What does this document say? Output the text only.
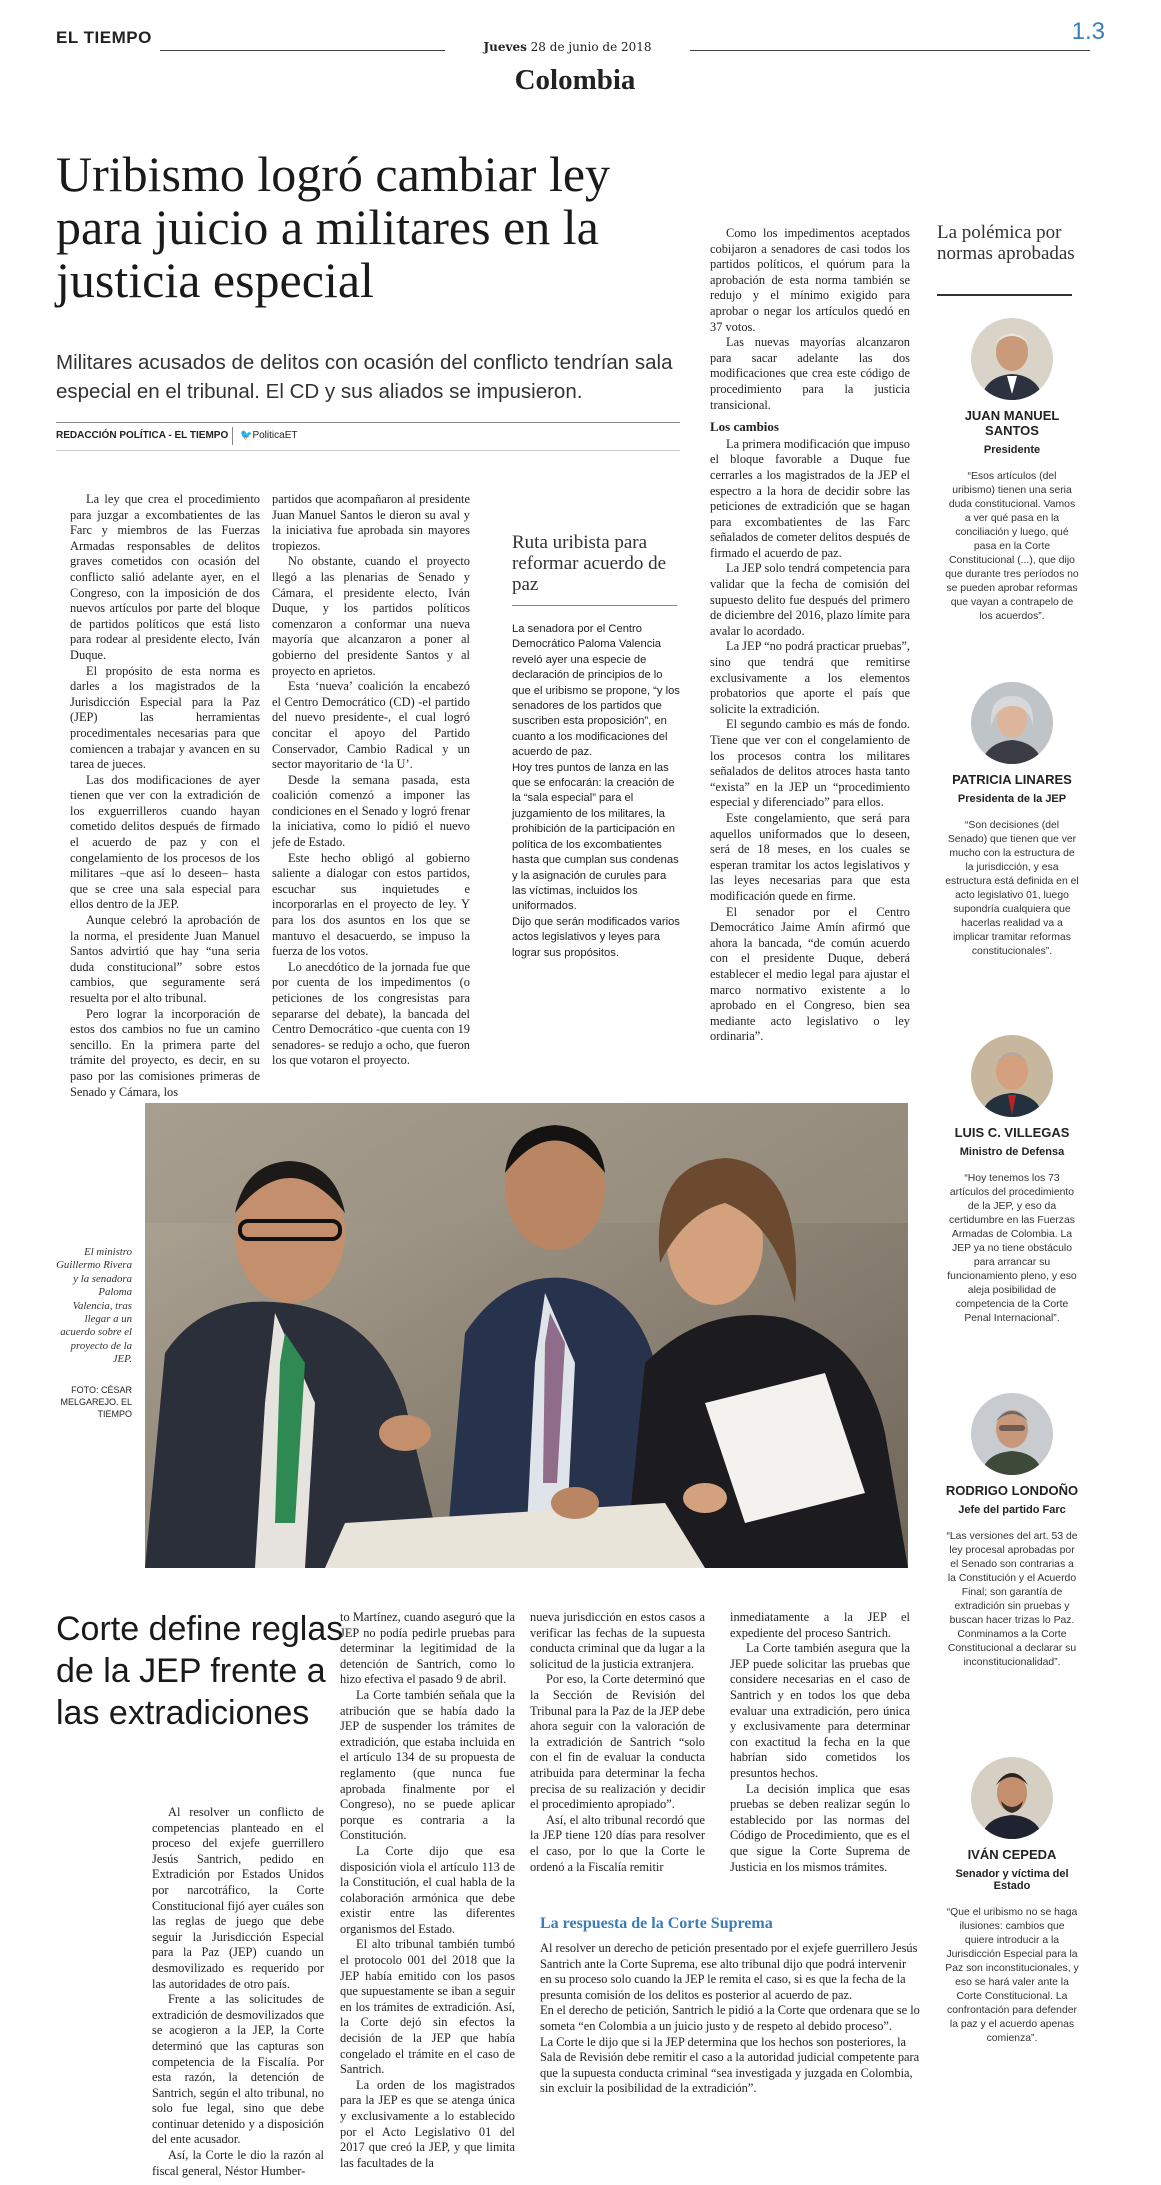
EL TIEMPO	Jueves 28 de junio de 2018
1.3
Colombia
Uribismo logró cambiar ley para juicio a militares en la justicia especial
Militares acusados de delitos con ocasión del conflicto tendrían sala especial en el tribunal. El CD y sus aliados se impusieron.
REDACCIÓN POLÍTICA - EL TIEMPO 🐦PoliticaET

La ley que crea el procedimiento para juzgar a excombatientes de las Farc y miembros de las Fuerzas Armadas responsables de delitos graves cometidos con ocasión del conflicto salió adelante ayer, en el Congreso, con la imposición de dos nuevos artículos por parte del bloque de partidos políticos que está listo para rodear al presidente electo, Iván Duque.

El propósito de esta norma es darles a los magistrados de la Jurisdicción Especial para la Paz (JEP) las herramientas procedimentales necesarias para que comiencen a trabajar y avancen en su tarea de jueces.

Las dos modificaciones de ayer tienen que ver con la extradición de los exguerrilleros cuando hayan cometido delitos después de firmado el acuerdo de paz y con el congelamiento de los procesos de los militares –que así lo deseen– hasta que se cree una sala especial para ellos dentro de la JEP.

Aunque celebró la aprobación de la norma, el presidente Juan Manuel Santos advirtió que hay “una seria duda constitucional” sobre estos cambios, que seguramente será resuelta por el alto tribunal.

Pero lograr la incorporación de estos dos cambios no fue un camino sencillo. En la primera parte del trámite del proyecto, es decir, en su paso por las comisiones primeras de Senado y Cámara, los

partidos que acompañaron al presidente Juan Manuel Santos le dieron su aval y la iniciativa fue aprobada sin mayores tropiezos.

No obstante, cuando el proyecto llegó a las plenarias de Senado y Cámara, el presidente electo, Iván Duque, y los partidos políticos comenzaron a conformar una nueva mayoría que alcanzaron a poner al gobierno del presidente Santos y al proyecto en aprietos.

Esta ‘nueva’ coalición la encabezó el Centro Democrático (CD) -el partido del nuevo presidente-, el cual logró concitar el apoyo del Partido Conservador, Cambio Radical y un sector mayoritario de ‘la U’.

Desde la semana pasada, esta coalición comenzó a imponer las condiciones en el Senado y logró frenar la iniciativa, como lo pidió el nuevo jefe de Estado.

Este hecho obligó al gobierno saliente a dialogar con estos partidos, escuchar sus inquietudes e incorporarlas en el proyecto de ley. Y para los dos asuntos en los que se mantuvo el desacuerdo, se impuso la fuerza de los votos.

Lo anecdótico de la jornada fue que por cuenta de los impedimentos (o peticiones de los congresistas para separarse del debate), la bancada del Centro Democrático -que cuenta con 19 senadores- se redujo a ocho, que fueron los que votaron el proyecto.

Ruta uribista para reformar acuerdo de paz

La senadora por el Centro Democrático Paloma Valencia reveló ayer una especie de declaración de principios de lo que el uribismo se propone, “y los senadores de los partidos que suscriben esta proposición”, en cuanto a los modificaciones del acuerdo de paz.

Hoy tres puntos de lanza en las que se enfocarán: la creación de la “sala especial” para el juzgamiento de los militares, la prohibición de la participación en política de los excombatientes hasta que cumplan sus condenas y la asignación de curules para las víctimas, incluidos los uniformados.

Dijo que serán modificados varios actos legislativos y leyes para lograr sus propósitos.

Como los impedimentos aceptados cobijaron a senadores de casi todos los partidos políticos, el quórum para la aprobación de esta norma también se redujo y el mínimo exigido para aprobar o negar los artículos quedó en 37 votos.

Las nuevas mayorías alcanzaron para sacar adelante las dos modificaciones que crea este código de procedimiento para la justicia transicional.

Los cambios

La primera modificación que impuso el bloque favorable a Duque fue cerrarles a los magistrados de la JEP el espectro a la hora de decidir sobre las peticiones de extradición que se hagan para excombatientes de las Farc señalados de cometer delitos después de firmado el acuerdo de paz.

La JEP solo tendrá competencia para validar que la fecha de comisión del supuesto delito fue después del primero de diciembre del 2016, plazo límite para avalar lo acordado.

La JEP “no podrá practicar pruebas”, sino que tendrá que remitirse exclusivamente a los elementos probatorios que aporte el país que solicite la extradición.

El segundo cambio es más de fondo. Tiene que ver con el congelamiento de los procesos contra los militares señalados de delitos atroces hasta tanto “exista” en la JEP un “procedimiento especial y diferenciado” para ellos.

Este congelamiento, que será para aquellos uniformados que lo deseen, será de 18 meses, en los cuales se esperan tramitar los actos legislativos y las leyes necesarias para que esta modificación quede en firme.

El senador por el Centro Democrático Jaime Amín afirmó que ahora la bancada, “de común acuerdo con el presidente Duque, deberá establecer el medio legal para ajustar el marco normativo existente a lo aprobado en el Congreso, bien sea mediante acto legislativo o ley ordinaria”.

La polémica por normas aprobadas
JUAN MANUEL SANTOS
Presidente
“Esos artículos (del uribismo) tienen una seria duda constitucional. Vamos a ver qué pasa en la conciliación y luego, qué pasa en la Corte Constitucional (...), que dijo que durante tres períodos no se pueden aprobar reformas que vayan a contrapelo de los acuerdos”.
PATRICIA LINARES
Presidenta de la JEP
“Son decisiones (del Senado) que tienen que ver mucho con la estructura de la jurisdicción, y esa estructura está definida en el acto legislativo 01, luego supondría cualquiera que hacerlas realidad va a implicar tramitar reformas constitucionales”.
LUIS C. VILLEGAS
Ministro de Defensa
“Hoy tenemos los 73 artículos del procedimiento de la JEP, y eso da certidumbre en las Fuerzas Armadas de Colombia. La JEP ya no tiene obstáculo para arrancar su funcionamiento pleno, y eso aleja posibilidad de competencia de la Corte Penal Internacional”.
RODRIGO LONDOÑO
Jefe del partido Farc
“Las versiones del art. 53 de ley procesal aprobadas por el Senado son contrarias a la Constitución y el Acuerdo Final; son garantía de extradición sin pruebas y buscan hacer trizas lo Paz. Conminamos a la Corte Constitucional a declarar su inconstitucionalidad”.
IVÁN CEPEDA
Senador y víctima del Estado
“Que el uribismo no se haga ilusiones: cambios que quiere introducir a la Jurisdicción Especial para la Paz son inconstitucionales, y eso se hará valer ante la Corte Constitucional. La confrontación para defender la paz y el acuerdo apenas comienza”.
El ministro Guillermo Rivera y la senadora Paloma Valencia, tras llegar a un acuerdo sobre el proyecto de la JEP.
FOTO: CÉSAR MELGAREJO. EL TIEMPO
Corte define reglas de la JEP frente a las extradiciones

Al resolver un conflicto de competencias planteado en el proceso del exjefe guerrillero Jesús Santrich, pedido en Extradición por Estados Unidos por narcotráfico, la Corte Constitucional fijó ayer cuáles son las reglas de juego que debe seguir la Jurisdicción Especial para la Paz (JEP) cuando un desmovilizado es requerido por las autoridades de otro país.

Frente a las solicitudes de extradición de desmovilizados que se acogieron a la JEP, la Corte determinó que las capturas son competencia de la Fiscalía. Por esta razón, la detención de Santrich, según el alto tribunal, no solo fue legal, sino que debe continuar detenido y a disposición del ente acusador.

Así, la Corte le dio la razón al fiscal general, Néstor Humber-

to Martínez, cuando aseguró que la JEP no podía pedirle pruebas para determinar la legitimidad de la detención de Santrich, como lo hizo efectiva el pasado 9 de abril.

La Corte también señala que la atribución que se había dado la JEP de suspender los trámites de extradición, que estaba incluida en el artículo 134 de su propuesta de reglamento (que nunca fue aprobada finalmente por el Congreso), no se puede aplicar porque es contraria a la Constitución.

La Corte dijo que esa disposición viola el artículo 113 de la Constitución, el cual habla de la colaboración armónica que debe existir entre las diferentes organismos del Estado.

El alto tribunal también tumbó el protocolo 001 del 2018 que la JEP había emitido con los pasos que supuestamente se iban a seguir en los trámites de extradición. Así, la Corte dejó sin efectos la decisión de la JEP que había congelado el trámite en el caso de Santrich.

La orden de los magistrados para la JEP es que se atenga única y exclusivamente a lo establecido por el Acto Legislativo 01 del 2017 que creó la JEP, y que limita las facultades de la

nueva jurisdicción en estos casos a verificar las fechas de la supuesta conducta criminal que da lugar a la solicitud de la justicia extranjera.

Por eso, la Corte determinó que la Sección de Revisión del Tribunal para la Paz de la JEP debe ahora seguir con la valoración de la extradición de Santrich “solo con el fin de evaluar la conducta atribuida para determinar la fecha precisa de su realización y decidir el procedimiento apropiado”.

Así, el alto tribunal recordó que la JEP tiene 120 días para resolver el caso, por lo que la Corte le ordenó a la Fiscalía remitir

inmediatamente a la JEP el expediente del proceso Santrich.

La Corte también asegura que la JEP puede solicitar las pruebas que considere necesarias en el caso de Santrich y en todos los que deba evaluar una extradición, pero única y exclusivamente para determinar con exactitud la fecha en la que habrían sido cometidos los presuntos hechos.

La decisión implica que esas pruebas se deben realizar según lo establecido por las normas del Código de Procedimiento, que es el que sigue la Corte Suprema de Justicia en los mismos trámites.

La respuesta de la Corte Suprema

Al resolver un derecho de petición presentado por el exjefe guerrillero Jesús Santrich ante la Corte Suprema, ese alto tribunal dijo que podrá intervenir en su proceso solo cuando la JEP le remita el caso, si es que la fecha de la presunta comisión de los delitos es posterior al acuerdo de paz.

En el derecho de petición, Santrich le pidió a la Corte que ordenara que se lo someta “en Colombia a un juicio justo y de respeto al debido proceso”.

La Corte le dijo que si la JEP determina que los hechos son posteriores, la Sala de Revisión debe remitir el caso a la autoridad judicial competente para que la supuesta conducta criminal “sea investigada y juzgada en Colombia, sin excluir la posibilidad de la extradición”.
